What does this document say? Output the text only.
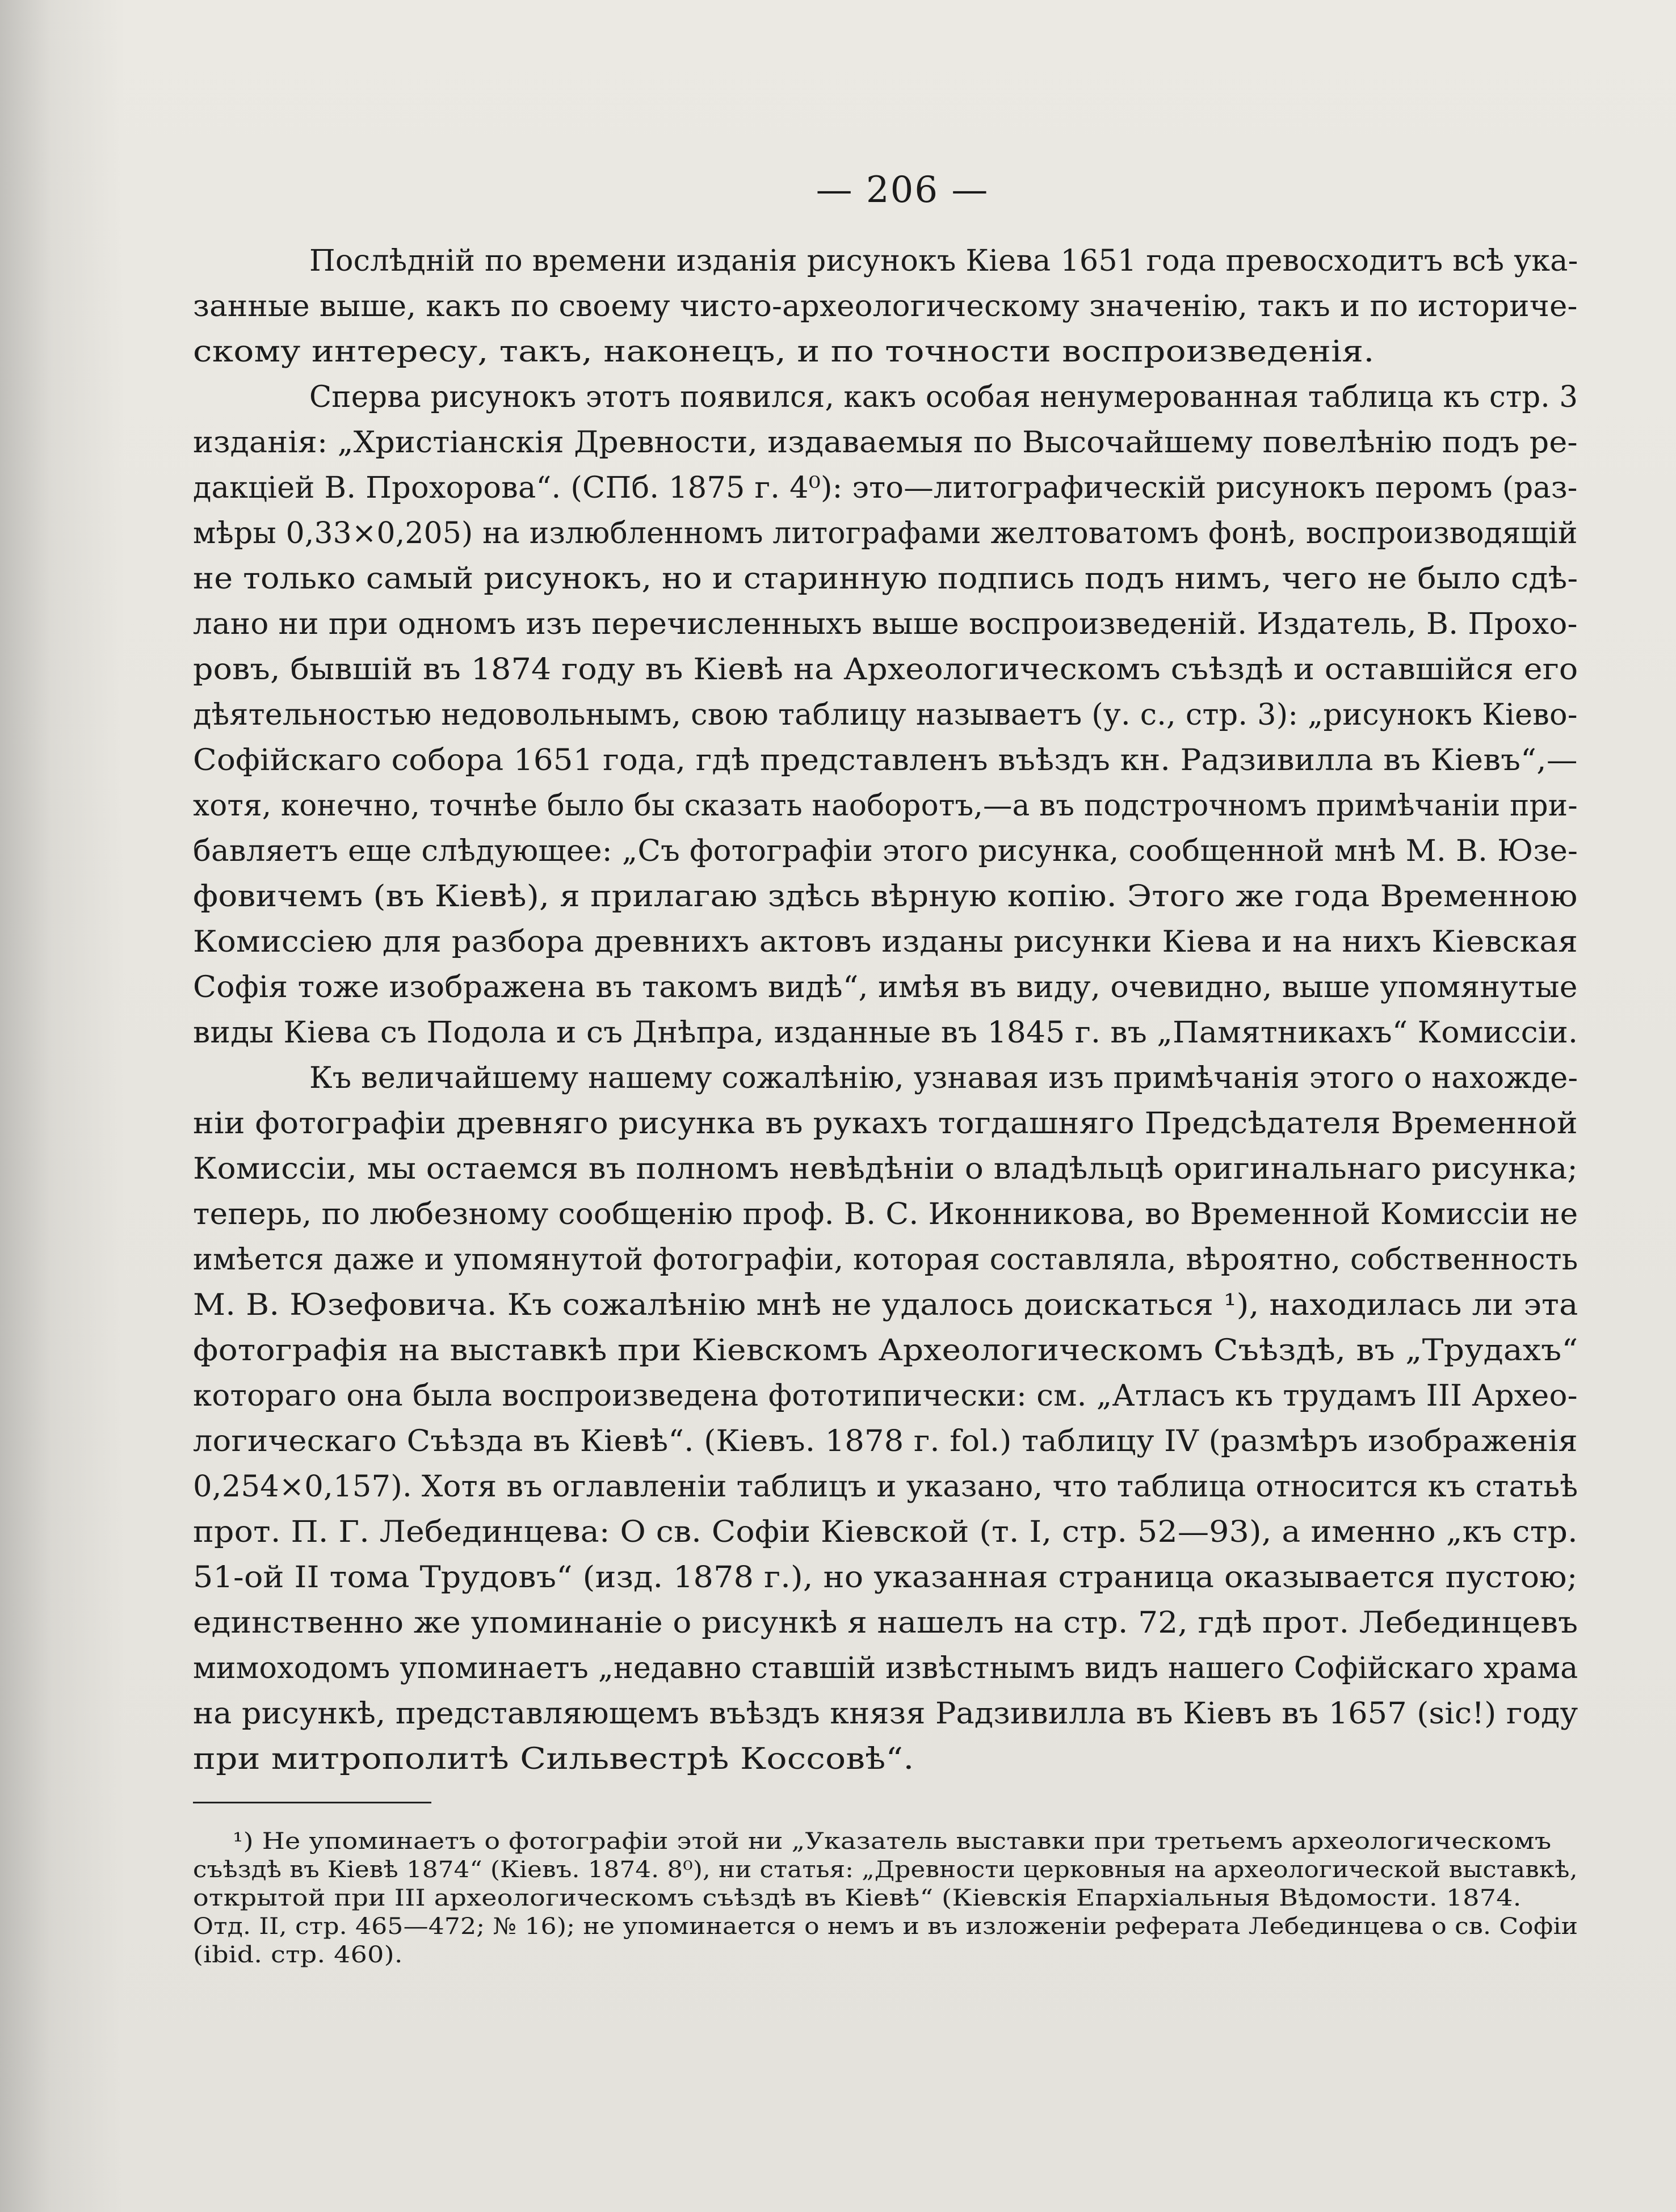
— 206 —
Послѣдній по времени изданія рисунокъ Кіева 1651 года превосходитъ всѣ ука-
занные выше, какъ по своему чисто-археологическому значенію, такъ и по историче-
скому интересу, такъ, наконецъ, и по точности воспроизведенія.
Сперва рисунокъ этотъ появился, какъ особая ненумерованная таблица къ стр. 3
изданія: „Христіанскія Древности, издаваемыя по Высочайшему повелѣнію подъ ре-
дакціей В. Прохорова“. (СПб. 1875 г. 4⁰): это—литографическій рисунокъ перомъ (раз-
мѣры 0,33×0,205) на излюбленномъ литографами желтоватомъ фонѣ, воспроизводящій
не только самый рисунокъ, но и старинную подпись подъ нимъ, чего не было сдѣ-
лано ни при одномъ изъ перечисленныхъ выше воспроизведеній. Издатель, В. Прохо-
ровъ, бывшій въ 1874 году въ Кіевѣ на Археологическомъ съѣздѣ и оставшійся его
дѣятельностью недовольнымъ, свою таблицу называетъ (у. с., стр. 3): „рисунокъ Кіево-
Софійскаго собора 1651 года, гдѣ представленъ въѣздъ кн. Радзивилла въ Кіевъ“,—
хотя, конечно, точнѣе было бы сказать наоборотъ,—а въ подстрочномъ примѣчаніи при-
бавляетъ еще слѣдующее: „Съ фотографіи этого рисунка, сообщенной мнѣ М. В. Юзе-
фовичемъ (въ Кіевѣ), я прилагаю здѣсь вѣрную копію. Этого же года Временною
Комиссіею для разбора древнихъ актовъ изданы рисунки Кіева и на нихъ Кіевская
Софія тоже изображена въ такомъ видѣ“, имѣя въ виду, очевидно, выше упомянутые
виды Кіева съ Подола и съ Днѣпра, изданные въ 1845 г. въ „Памятникахъ“ Комиссіи.
Къ величайшему нашему сожалѣнію, узнавая изъ примѣчанія этого о нахожде-
ніи фотографіи древняго рисунка въ рукахъ тогдашняго Предсѣдателя Временной
Комиссіи, мы остаемся въ полномъ невѣдѣніи о владѣльцѣ оригинальнаго рисунка;
теперь, по любезному сообщенію проф. В. С. Иконникова, во Временной Комиссіи не
имѣется даже и упомянутой фотографіи, которая составляла, вѣроятно, собственность
М. В. Юзефовича. Къ сожалѣнію мнѣ не удалось доискаться ¹), находилась ли эта
фотографія на выставкѣ при Кіевскомъ Археологическомъ Съѣздѣ, въ „Трудахъ“
котораго она была воспроизведена фототипически: см. „Атласъ къ трудамъ III Архео-
логическаго Съѣзда въ Кіевѣ“. (Кіевъ. 1878 г. fol.) таблицу IV (размѣръ изображенія
0,254×0,157). Хотя въ оглавленіи таблицъ и указано, что таблица относится къ статьѣ
прот. П. Г. Лебединцева: О св. Софіи Кіевской (т. I, стр. 52—93), а именно „къ стр.
51-ой II тома Трудовъ“ (изд. 1878 г.), но указанная страница оказывается пустою;
единственно же упоминаніе о рисункѣ я нашелъ на стр. 72, гдѣ прот. Лебединцевъ
мимоходомъ упоминаетъ „недавно ставшій извѣстнымъ видъ нашего Софійскаго храма
на рисункѣ, представляющемъ въѣздъ князя Радзивилла въ Кіевъ въ 1657 (sic!) году
при митрополитѣ Сильвестрѣ Коссовѣ“.
¹) Не упоминаетъ о фотографіи этой ни „Указатель выставки при третьемъ археологическомъ
съѣздѣ въ Кіевѣ 1874“ (Кіевъ. 1874. 8⁰), ни статья: „Древности церковныя на археологической выставкѣ,
открытой при III археологическомъ съѣздѣ въ Кіевѣ“ (Кіевскія Епархіальныя Вѣдомости. 1874.
Отд. II, стр. 465—472; № 16); не упоминается о немъ и въ изложеніи реферата Лебединцева о св. Софіи
(ibid. стр. 460).
